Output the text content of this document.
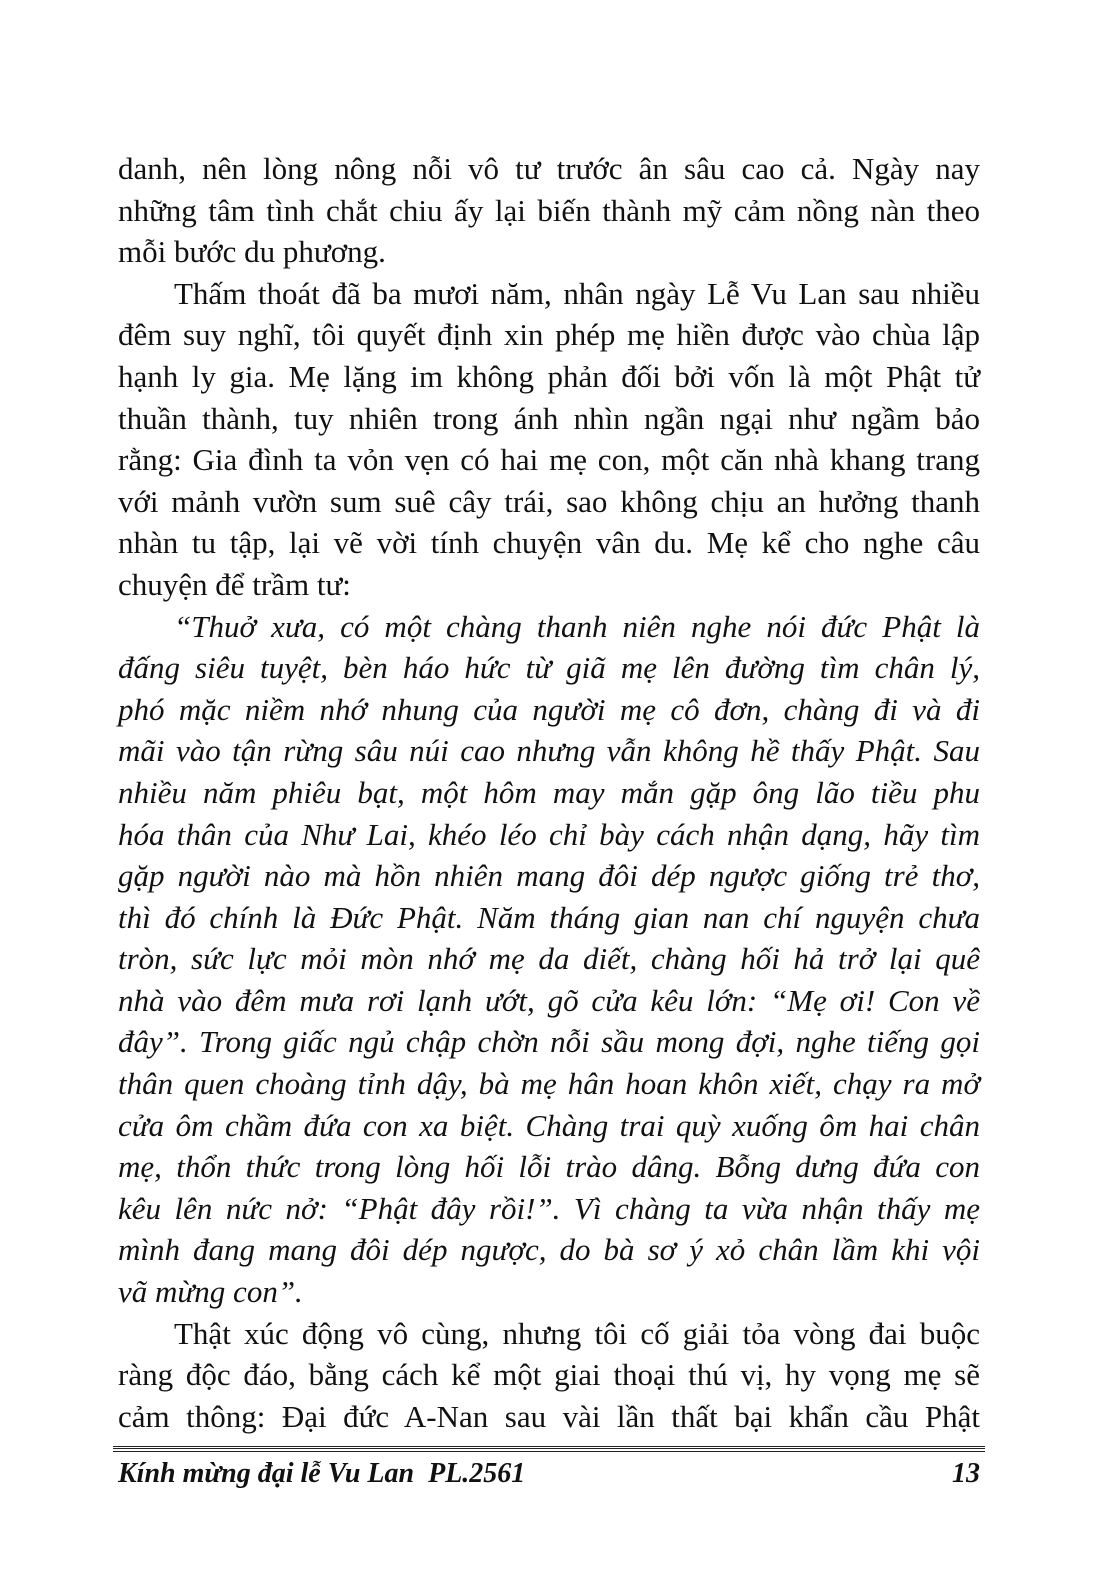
danh, nên lòng nông nỗi vô tư trước ân sâu cao cả. Ngày nay
những tâm tình chắt chiu ấy lại biến thành mỹ cảm nồng nàn theo
mỗi bước du phương.
Thấm thoát đã ba mươi năm, nhân ngày Lễ Vu Lan sau nhiều
đêm suy nghĩ, tôi quyết định xin phép mẹ hiền được vào chùa lập
hạnh ly gia. Mẹ lặng im không phản đối bởi vốn là một Phật tử
thuần thành, tuy nhiên trong ánh nhìn ngần ngại như ngầm bảo
rằng: Gia đình ta vỏn vẹn có hai mẹ con, một căn nhà khang trang
với mảnh vườn sum suê cây trái, sao không chịu an hưởng thanh
nhàn tu tập, lại vẽ vời tính chuyện vân du. Mẹ kể cho nghe câu
chuyện để trầm tư:
“Thuở xưa, có một chàng thanh niên nghe nói đức Phật là
đấng siêu tuyệt, bèn háo hức từ giã mẹ lên đường tìm chân lý,
phó mặc niềm nhớ nhung của người mẹ cô đơn, chàng đi và đi
mãi vào tận rừng sâu núi cao nhưng vẫn không hề thấy Phật. Sau
nhiều năm phiêu bạt, một hôm may mắn gặp ông lão tiều phu
hóa thân của Như Lai, khéo léo chỉ bày cách nhận dạng, hãy tìm
gặp người nào mà hồn nhiên mang đôi dép ngược giống trẻ thơ,
thì đó chính là Đức Phật. Năm tháng gian nan chí nguyện chưa
tròn, sức lực mỏi mòn nhớ mẹ da diết, chàng hối hả trở lại quê
nhà vào đêm mưa rơi lạnh ướt, gõ cửa kêu lớn: “Mẹ ơi! Con về
đây”. Trong giấc ngủ chập chờn nỗi sầu mong đợi, nghe tiếng gọi
thân quen choàng tỉnh dậy, bà mẹ hân hoan khôn xiết, chạy ra mở
cửa ôm chầm đứa con xa biệt. Chàng trai quỳ xuống ôm hai chân
mẹ, thổn thức trong lòng hối lỗi trào dâng. Bỗng dưng đứa con
kêu lên nức nở: “Phật đây rồi!”. Vì chàng ta vừa nhận thấy mẹ
mình đang mang đôi dép ngược, do bà sơ ý xỏ chân lầm khi vội
vã mừng con”.
Thật xúc động vô cùng, nhưng tôi cố giải tỏa vòng đai buộc
ràng độc đáo, bằng cách kể một giai thoại thú vị, hy vọng mẹ sẽ
cảm thông: Đại đức A-Nan sau vài lần thất bại khẩn cầu Phật
Kính mừng đại lễ Vu Lan  PL.2561	13
